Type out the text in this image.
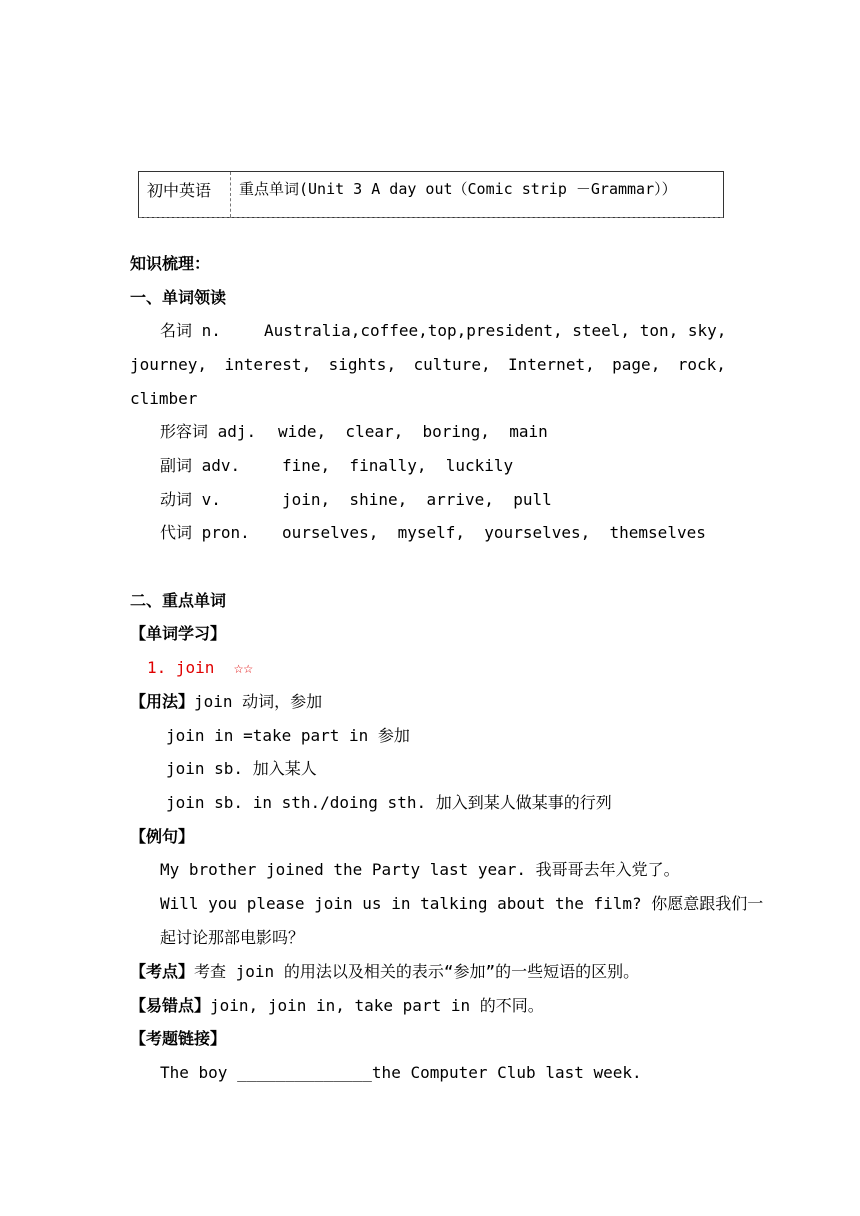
初中英语	重点单词(Unit 3 A day out（Comic strip －Grammar））
知识梳理：
一、单词领读
名词 n.	Australia, coffee, top, president, steel, ton, sky,
journey, interest, sights, culture, Internet, page, rock,
climber
形容词 adj. wide,  clear,  boring,  main
副词 adv.	fine,  finally,  luckily
动词 v.	join,  shine,  arrive,  pull
代词 pron. ourselves,  myself,  yourselves,  themselves
二、重点单词
【单词学习】
1. join  ☆☆
【用法】join 动词，参加
join in =take part in 参加
join sb. 加入某人
join sb. in sth./doing sth. 加入到某人做某事的行列
【例句】
My brother joined the Party last year. 我哥哥去年入党了。
Will you please join us in talking about the film? 你愿意跟我们一
起讨论那部电影吗？
【考点】考查 join 的用法以及相关的表示“参加”的一些短语的区别。
【易错点】join, join in, take part in 的不同。
【考题链接】
The boy ______________the Computer Club last week.
